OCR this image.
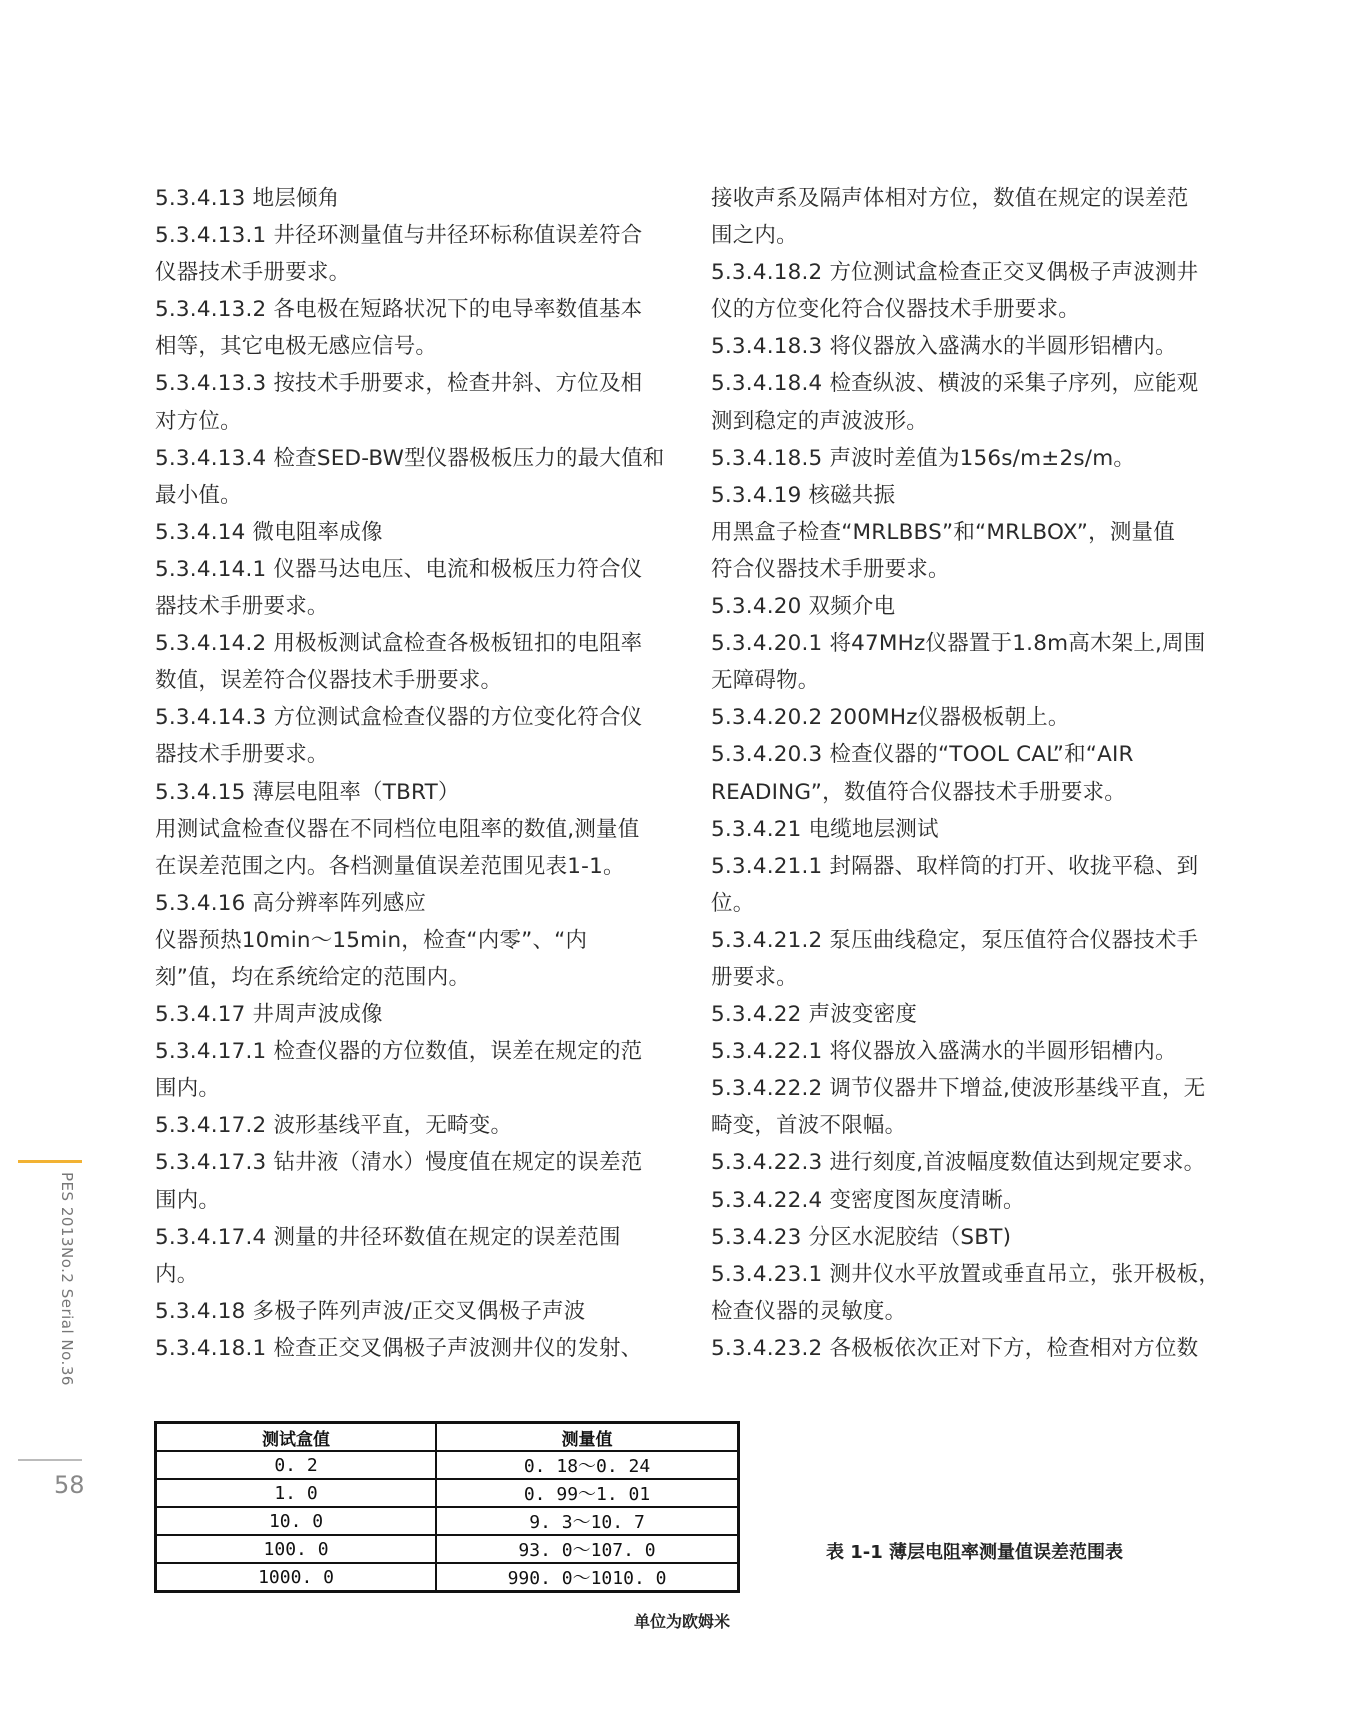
5.3.4.13 地层倾角
5.3.4.13.1 井径环测量值与井径环标称值误差符合
仪器技术手册要求。
5.3.4.13.2 各电极在短路状况下的电导率数值基本
相等，其它电极无感应信号。
5.3.4.13.3 按技术手册要求，检查井斜、方位及相
对方位。
5.3.4.13.4 检查SED-BW型仪器极板压力的最大值和
最小值。
5.3.4.14 微电阻率成像
5.3.4.14.1 仪器马达电压、电流和极板压力符合仪
器技术手册要求。
5.3.4.14.2 用极板测试盒检查各极板钮扣的电阻率
数值，误差符合仪器技术手册要求。
5.3.4.14.3 方位测试盒检查仪器的方位变化符合仪
器技术手册要求。
5.3.4.15 薄层电阻率（TBRT）
用测试盒检查仪器在不同档位电阻率的数值,测量值
在误差范围之内。各档测量值误差范围见表1-1。
5.3.4.16 高分辨率阵列感应
仪器预热10min～15min，检查“内零”、“内
刻”值，均在系统给定的范围内。
5.3.4.17 井周声波成像
5.3.4.17.1 检查仪器的方位数值，误差在规定的范
围内。
5.3.4.17.2 波形基线平直，无畸变。
5.3.4.17.3 钻井液（清水）慢度值在规定的误差范
围内。
5.3.4.17.4 测量的井径环数值在规定的误差范围
内。
5.3.4.18 多极子阵列声波/正交叉偶极子声波
5.3.4.18.1 检查正交叉偶极子声波测井仪的发射、
接收声系及隔声体相对方位，数值在规定的误差范
围之内。
5.3.4.18.2 方位测试盒检查正交叉偶极子声波测井
仪的方位变化符合仪器技术手册要求。
5.3.4.18.3 将仪器放入盛满水的半圆形铝槽内。
5.3.4.18.4 检查纵波、横波的采集子序列，应能观
测到稳定的声波波形。
5.3.4.18.5 声波时差值为156s/m±2s/m。
5.3.4.19 核磁共振
用黑盒子检查“MRLBBS”和“MRLBOX”，测量值
符合仪器技术手册要求。
5.3.4.20 双频介电
5.3.4.20.1 将47MHz仪器置于1.8m高木架上,周围
无障碍物。
5.3.4.20.2 200MHz仪器极板朝上。
5.3.4.20.3 检查仪器的“TOOL CAL”和“AIR
READING”，数值符合仪器技术手册要求。
5.3.4.21 电缆地层测试
5.3.4.21.1 封隔器、取样筒的打开、收拢平稳、到
位。
5.3.4.21.2 泵压曲线稳定，泵压值符合仪器技术手
册要求。
5.3.4.22 声波变密度
5.3.4.22.1 将仪器放入盛满水的半圆形铝槽内。
5.3.4.22.2 调节仪器井下增益,使波形基线平直，无
畸变，首波不限幅。
5.3.4.22.3 进行刻度,首波幅度数值达到规定要求。
5.3.4.22.4 变密度图灰度清晰。
5.3.4.23 分区水泥胶结（SBT)
5.3.4.23.1 测井仪水平放置或垂直吊立，张开极板，
检查仪器的灵敏度。
5.3.4.23.2 各极板依次正对下方，检查相对方位数
PES 2013No.2 Serial No.36
58
测试盒值	测量值
0. 2	0. 18～0. 24
1. 0	0. 99～1. 01
10. 0	9. 3～10. 7
100. 0	93. 0～107. 0
1000. 0	990. 0～1010. 0
表 1-1 薄层电阻率测量值误差范围表
单位为欧姆米
